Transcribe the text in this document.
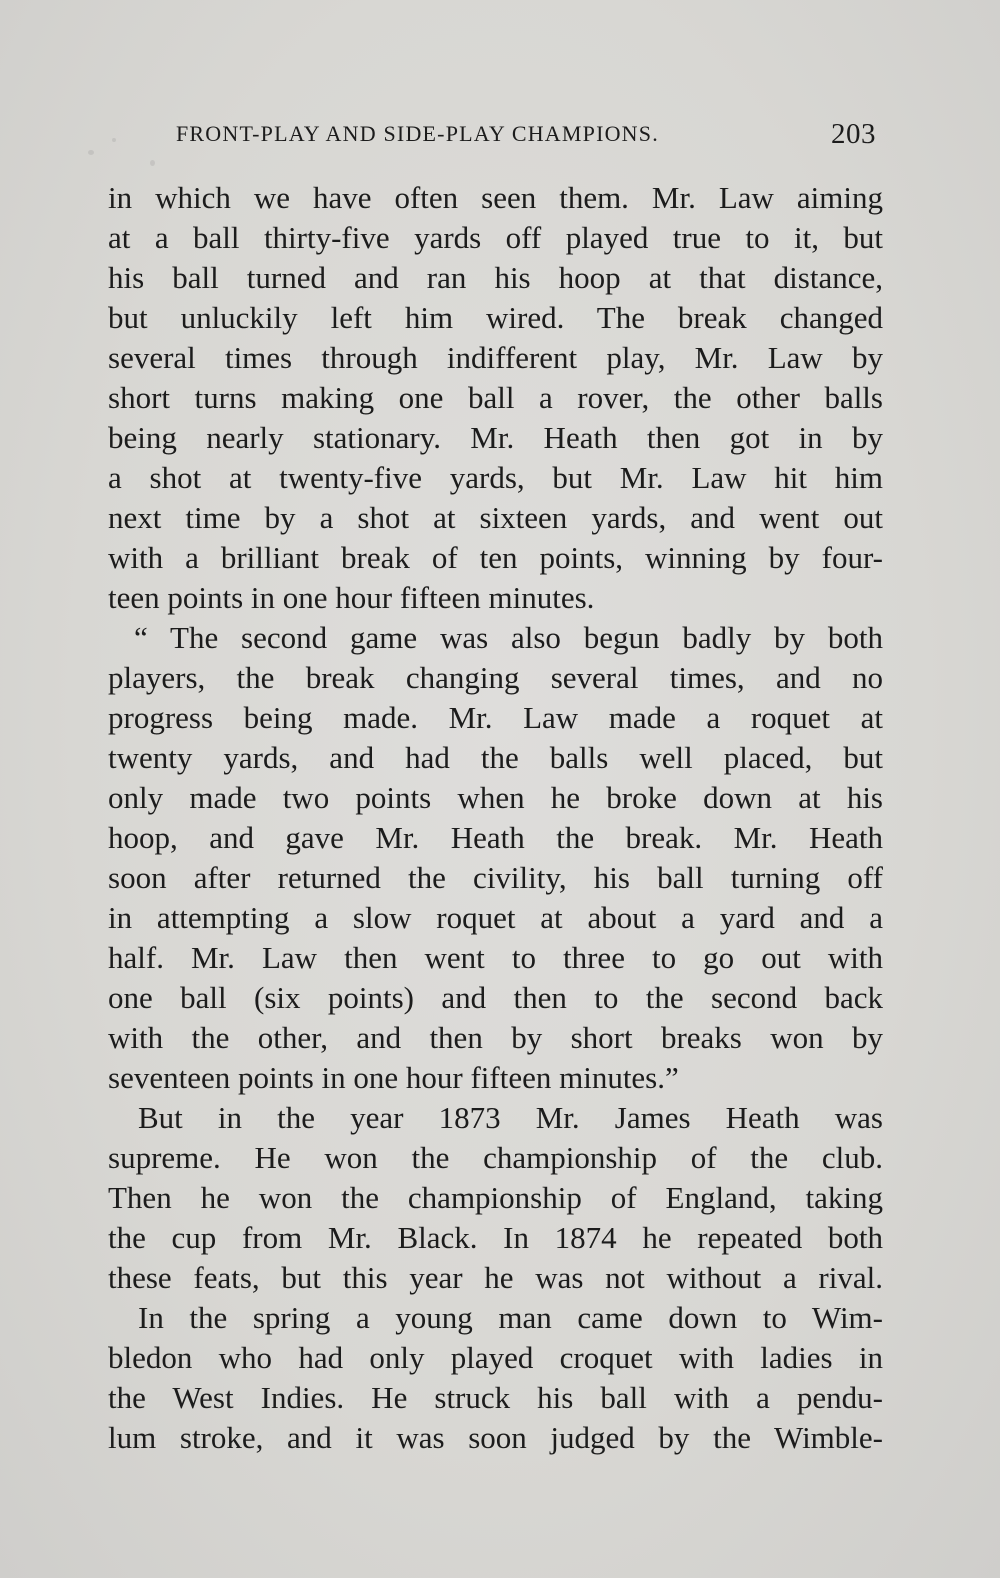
FRONT-PLAY AND SIDE-PLAY CHAMPIONS.	203
in which we have often seen them. Mr. Law aiming
at a ball thirty-five yards off played true to it, but
his ball turned and ran his hoop at that distance,
but unluckily left him wired. The break changed
several times through indifferent play, Mr. Law by
short turns making one ball a rover, the other balls
being nearly stationary. Mr. Heath then got in by
a shot at twenty-five yards, but Mr. Law hit him
next time by a shot at sixteen yards, and went out
with a brilliant break of ten points, winning by four-
teen points in one hour fifteen minutes.
“ The second game was also begun badly by both
players, the break changing several times, and no
progress being made. Mr. Law made a roquet at
twenty yards, and had the balls well placed, but
only made two points when he broke down at his
hoop, and gave Mr. Heath the break. Mr. Heath
soon after returned the civility, his ball turning off
in attempting a slow roquet at about a yard and a
half. Mr. Law then went to three to go out with
one ball (six points) and then to the second back
with the other, and then by short breaks won by
seventeen points in one hour fifteen minutes.”
But in the year 1873 Mr. James Heath was
supreme. He won the championship of the club.
Then he won the championship of England, taking
the cup from Mr. Black. In 1874 he repeated both
these feats, but this year he was not without a rival.
In the spring a young man came down to Wim-
bledon who had only played croquet with ladies in
the West Indies. He struck his ball with a pendu-
lum stroke, and it was soon judged by the Wimble-
